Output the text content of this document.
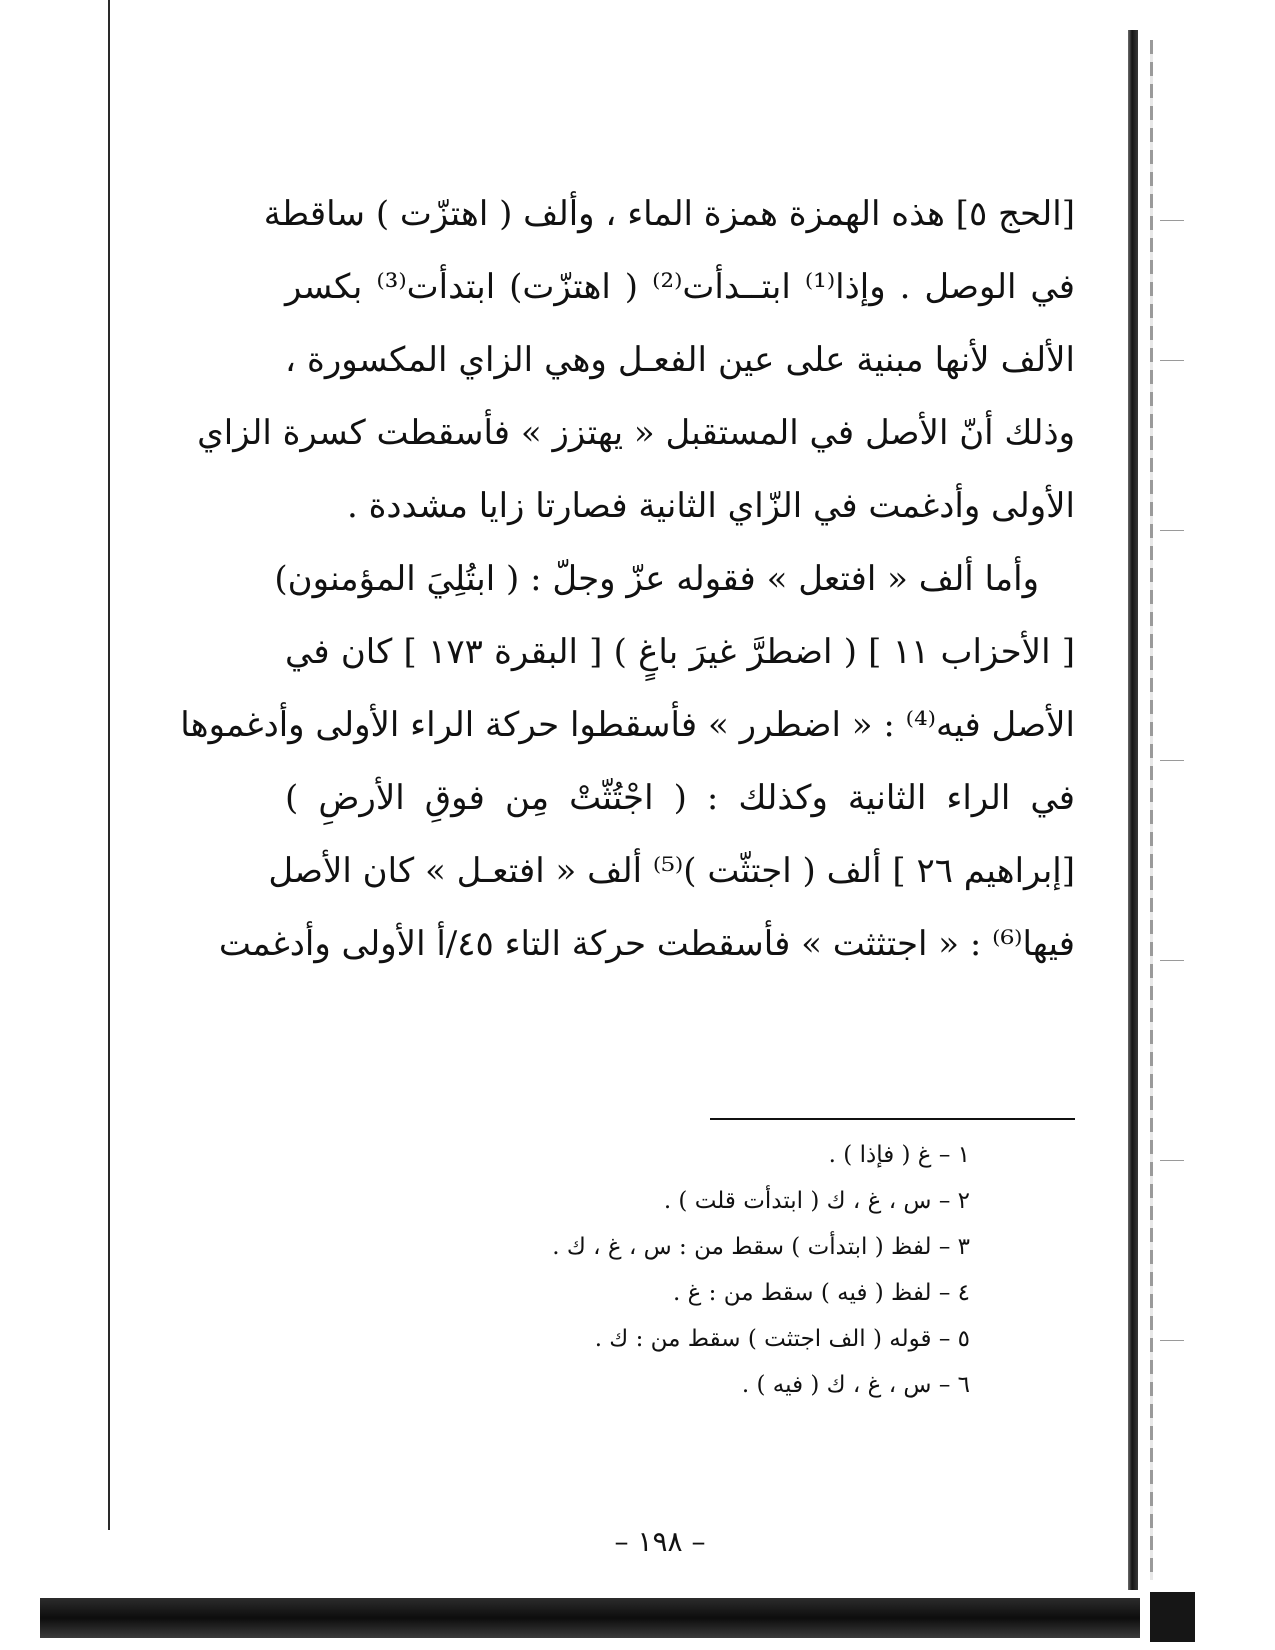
[الحج ٥] هذه الهمزة همزة الماء ، وألف ( اهتزّت ) ساقطة
في الوصل . وإذا⁽¹⁾ ابتــدأت⁽²⁾ ( اهتزّت) ابتدأت⁽³⁾ بكسر
الألف لأنها مبنية على عين الفعـل وهي الزاي المكسورة ،
وذلك أنّ الأصل في المستقبل « يهتزز » فأسقطت كسرة الزاي
الأولى وأدغمت في الزّاي الثانية فصارتا زايا مشددة .
وأما ألف « افتعل » فقوله عزّ وجلّ : ( ابتُلِيَ المؤمنون)
[ الأحزاب ١١ ] ( اضطرَّ غيرَ باغٍ ) [ البقرة ١٧٣ ] كان في
الأصل فيه⁽⁴⁾ : « اضطرر » فأسقطوا حركة الراء الأولى وأدغموها
في الراء الثانية وكذلك : ( اجْتُثّتْ مِن فوقِ الأرضِ )
[إبراهيم ٢٦ ] ألف ( اجتثّت )⁽⁵⁾ ألف « افتعـل » كان الأصل
فيها⁽⁶⁾ : « اجتثثت » فأسقطت حركة التاء ٤٥/أ الأولى وأدغمت
١ – غ ( فإذا ) .
٢ – س ، غ ، ك ( ابتدأت قلت ) .
٣ – لفظ ( ابتدأت ) سقط من : س ، غ ، ك .
٤ – لفظ ( فيه ) سقط من : غ .
٥ – قوله ( الف اجتثت ) سقط من : ك .
٦ – س ، غ ، ك ( فيه ) .
– ١٩٨ –
